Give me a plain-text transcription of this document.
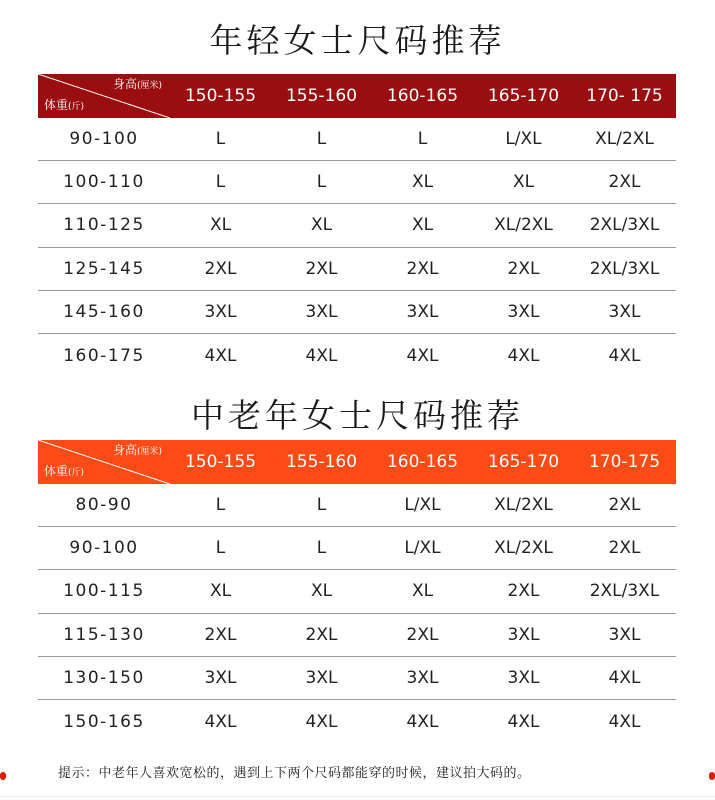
年轻女士尺码推荐
身高(厘米)
体重(斤)
150-155	155-160	160-165	165-170	170- 175
90-100	L	L	L	L/XL	XL/2XL
100-110	L	L	XL	XL	2XL
110-125	XL	XL	XL	XL/2XL	2XL/3XL
125-145	2XL	2XL	2XL	2XL	2XL/3XL
145-160	3XL	3XL	3XL	3XL	3XL
160-175	4XL	4XL	4XL	4XL	4XL
中老年女士尺码推荐
身高(厘米)
体重(斤)
150-155	155-160	160-165	165-170	170-175
80-90	L	L	L/XL	XL/2XL	2XL
90-100	L	L	L/XL	XL/2XL	2XL
100-115	XL	XL	XL	2XL	2XL/3XL
115-130	2XL	2XL	2XL	3XL	3XL
130-150	3XL	3XL	3XL	3XL	4XL
150-165	4XL	4XL	4XL	4XL	4XL
提示：中老年人喜欢宽松的，遇到上下两个尺码都能穿的时候，建议拍大码的。
